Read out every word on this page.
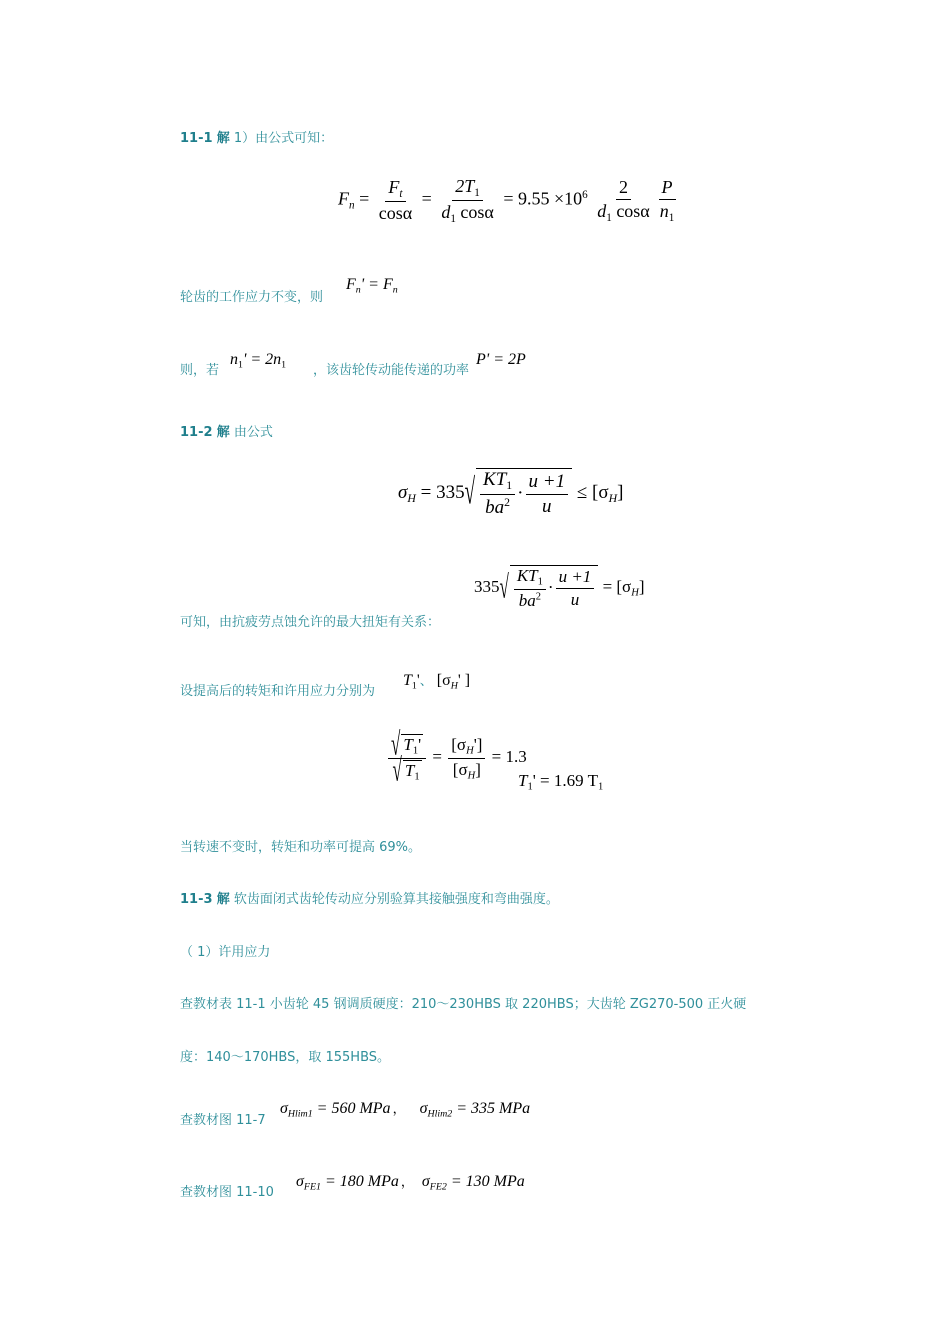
11-1 解 1）由公式可知：
$F_n = \frac{F_t}{\cos\alpha} = \frac{2T_1}{d_1 \cos\alpha} = 9.55 \times 10^6 \frac{2}{d_1 \cos\alpha} \frac{P}{n_1}$
轮齿的工作应力不变，则
$F_n' = F_n$
则，若	，该齿轮传动能传递的功率
$n_1' = 2n_1$	P' = 2P
11-2 解 由公式
$\sigma_H = 335√ \frac{KT_1}{ba^2} \cdot \frac{u +1}{u} \le [\sigma_H]$
可知，由抗疲劳点蚀允许的最大扭矩有关系：
$335√ \frac{KT_1}{ba^2} \cdot \frac{u +1}{u} = [\sigma_H]$
设提高后的转矩和许用应力分别为
$T_1'$、 [$\sigma_H'$ ]
$\frac{√ T_1'}{√ T_1} = \frac{[\sigma_H']}{[\sigma_H]} = 1.3$
$T_1' = 1.69$ $T_1$
当转速不变时，转矩和功率可提高 69%。
11-3 解 软齿面闭式齿轮传动应分别验算其接触强度和弯曲强度。
（ 1）许用应力
查教材表 11-1 小齿轮 45 钢调质硬度：210～230HBS 取 220HBS；大齿轮 ZG270-500 正火硬
度：140～170HBS，取 155HBS。
查教材图 11-7
$\sigma_{Hlim1} = 560$ MPa ， $\sigma_{Hlim2} = 335$ MPa
查教材图 11-10
$\sigma_{FE1} = 180$ MPa ， $\sigma_{FE2} = 130$ MPa
